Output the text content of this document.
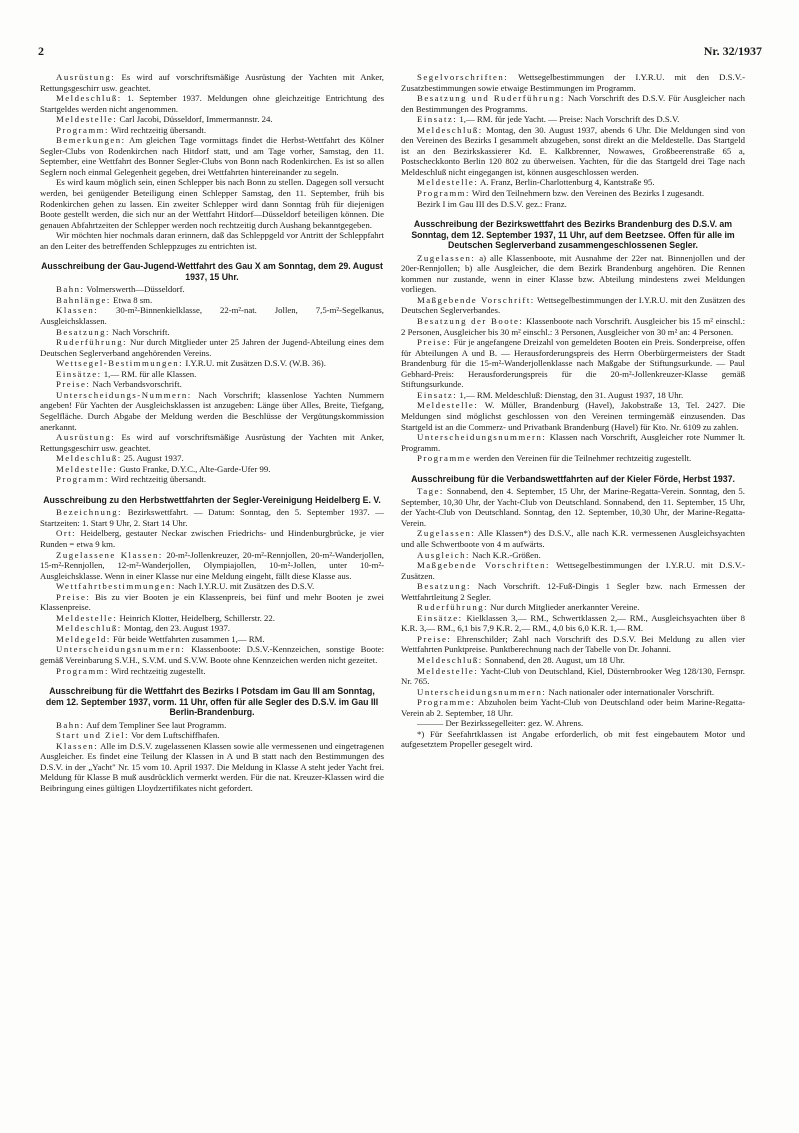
2	Nr. 32/1937

Ausrüstung: Es wird auf vorschriftsmäßige Ausrüstung der Yachten mit Anker, Rettungsgeschirr usw. geachtet.

Meldeschluß: 1. September 1937. Meldungen ohne gleichzeitige Entrichtung des Startgeldes werden nicht angenommen.

Meldestelle: Carl Jacobi, Düsseldorf, Immermannstr. 24.

Programm: Wird rechtzeitig übersandt.

Bemerkungen: Am gleichen Tage vormittags findet die Herbst-Wettfahrt des Kölner Segler-Clubs von Rodenkirchen nach Hitdorf statt, und am Tage vorher, Samstag, den 11. September, eine Wettfahrt des Bonner Segler-Clubs von Bonn nach Rodenkirchen. Es ist so allen Seglern noch einmal Gelegenheit gegeben, drei Wettfahrten hintereinander zu segeln.

Es wird kaum möglich sein, einen Schlepper bis nach Bonn zu stellen. Dagegen soll versucht werden, bei genügender Beteiligung einen Schlepper Samstag, den 11. September, früh bis Rodenkirchen gehen zu lassen. Ein zweiter Schlepper wird dann Sonntag früh für diejenigen Boote gestellt werden, die sich nur an der Wettfahrt Hitdorf—Düsseldorf beteiligen können. Die genauen Abfahrtzeiten der Schlepper werden noch rechtzeitig durch Aushang bekanntgegeben.

Wir möchten hier nochmals daran erinnern, daß das Schleppgeld vor Antritt der Schleppfahrt an den Leiter des betreffenden Schleppzuges zu entrichten ist.

Ausschreibung der Gau-Jugend-Wettfahrt des Gau X am Sonntag, dem 29. August 1937, 15 Uhr.

Bahn: Volmerswerth—Düsseldorf.

Bahnlänge: Etwa 8 sm.

Klassen: 30-m²-Binnenkielklasse, 22-m²-nat. Jollen, 7,5-m²-Segelkanus, Ausgleichsklassen.

Besatzung: Nach Vorschrift.

Ruderführung: Nur durch Mitglieder unter 25 Jahren der Jugend-Abteilung eines dem Deutschen Seglerverband angehörenden Vereins.

Wettsegel-Bestimmungen: I.Y.R.U. mit Zusätzen D.S.V. (W.B. 36).

Einsätze: 1,— RM. für alle Klassen.

Preise: Nach Verbandsvorschrift.

Unterscheidungs-Nummern: Nach Vorschrift; klassenlose Yachten Nummern angeben! Für Yachten der Ausgleichsklassen ist anzugeben: Länge über Alles, Breite, Tiefgang, Segelfläche. Durch Abgabe der Meldung werden die Beschlüsse der Vergütungskommission anerkannt.

Ausrüstung: Es wird auf vorschriftsmäßige Ausrüstung der Yachten mit Anker, Rettungsgeschirr usw. geachtet.

Meldeschluß: 25. August 1937.

Meldestelle: Gusto Franke, D.Y.C., Alte-Garde-Ufer 99.

Programm: Wird rechtzeitig übersandt.

Ausschreibung zu den Herbstwettfahrten der Segler-Vereinigung Heidelberg E. V.

Bezeichnung: Bezirkswettfahrt. — Datum: Sonntag, den 5. September 1937. — Startzeiten: 1. Start 9 Uhr, 2. Start 14 Uhr.

Ort: Heidelberg, gestauter Neckar zwischen Friedrichs- und Hindenburgbrücke, je vier Runden = etwa 9 km.

Zugelassene Klassen: 20-m²-Jollenkreuzer, 20-m²-Rennjollen, 20-m²-Wanderjollen, 15-m²-Rennjollen, 12-m²-Wanderjollen, Olympiajollen, 10-m²-Jollen, unter 10-m²-Ausgleichsklasse. Wenn in einer Klasse nur eine Meldung eingeht, fällt diese Klasse aus.

Wettfahrtbestimmungen: Nach I.Y.R.U. mit Zusätzen des D.S.V.

Preise: Bis zu vier Booten je ein Klassenpreis, bei fünf und mehr Booten je zwei Klassenpreise.

Meldestelle: Heinrich Klotter, Heidelberg, Schillerstr. 22.

Meldeschluß: Montag, den 23. August 1937.

Meldegeld: Für beide Wettfahrten zusammen 1,— RM.

Unterscheidungsnummern: Klassenboote: D.S.V.-Kennzeichen, sonstige Boote: gemäß Vereinbarung S.V.H., S.V.M. und S.V.W. Boote ohne Kennzeichen werden nicht gezeitet.

Programm: Wird rechtzeitig zugestellt.

Ausschreibung für die Wettfahrt des Bezirks I Potsdam im Gau III am Sonntag, dem 12. September 1937, vorm. 11 Uhr, offen für alle Segler des D.S.V. im Gau III Berlin-Brandenburg.

Bahn: Auf dem Templiner See laut Programm.

Start und Ziel: Vor dem Luftschiffhafen.

Klassen: Alle im D.S.V. zugelassenen Klassen sowie alle vermessenen und eingetragenen Ausgleicher. Es findet eine Teilung der Klassen in A und B statt nach den Bestimmungen des D.S.V. in der „Yacht" Nr. 15 vom 10. April 1937. Die Meldung in Klasse A steht jeder Yacht frei. Meldung für Klasse B muß ausdrücklich vermerkt werden. Für die nat. Kreuzer-Klassen wird die Beibringung eines gültigen Lloydzertifikates nicht gefordert.

Segelvorschriften: Wettsegelbestimmungen der I.Y.R.U. mit den D.S.V.-Zusatzbestimmungen sowie etwaige Bestimmungen im Programm.

Besatzung und Ruderführung: Nach Vorschrift des D.S.V. Für Ausgleicher nach den Bestimmungen des Programms.

Einsatz: 1,— RM. für jede Yacht. — Preise: Nach Vorschrift des D.S.V.

Meldeschluß: Montag, den 30. August 1937, abends 6 Uhr. Die Meldungen sind von den Vereinen des Bezirks I gesammelt abzugeben, sonst direkt an die Meldestelle. Das Startgeld ist an den Bezirkskassierer Kd. E. Kalkbrenner, Nowawes, Großbeerenstraße 65 a, Postscheckkonto Berlin 120 802 zu überweisen. Yachten, für die das Startgeld drei Tage nach Meldeschluß nicht eingegangen ist, können ausgeschlossen werden.

Meldestelle: A. Franz, Berlin-Charlottenburg 4, Kantstraße 95.

Programm: Wird den Teilnehmern bzw. den Vereinen des Bezirks I zugesandt.

Bezirk I im Gau III des D.S.V. gez.: Franz.

Ausschreibung der Bezirkswettfahrt des Bezirks Brandenburg des D.S.V. am Sonntag, dem 12. September 1937, 11 Uhr, auf dem Beetzsee. Offen für alle im Deutschen Seglerverband zusammengeschlossenen Segler.

Zugelassen: a) alle Klassenboote, mit Ausnahme der 22er nat. Binnenjollen und der 20er-Rennjollen; b) alle Ausgleicher, die dem Bezirk Brandenburg angehören. Die Rennen kommen nur zustande, wenn in einer Klasse bzw. Abteilung mindestens zwei Meldungen vorliegen.

Maßgebende Vorschrift: Wettsegelbestimmungen der I.Y.R.U. mit den Zusätzen des Deutschen Seglerverbandes.

Besatzung der Boote: Klassenboote nach Vorschrift. Ausgleicher bis 15 m² einschl.: 2 Personen, Ausgleicher bis 30 m² einschl.: 3 Personen, Ausgleicher von 30 m² an: 4 Personen.

Preise: Für je angefangene Dreizahl von gemeldeten Booten ein Preis. Sonderpreise, offen für Abteilungen A und B. — Herausforderungspreis des Herrn Oberbürgermeisters der Stadt Brandenburg für die 15-m²-Wanderjollenklasse nach Maßgabe der Stiftungsurkunde. — Paul Gebhard-Preis: Herausforderungspreis für die 20-m²-Jollenkreuzer-Klasse gemäß Stiftungsurkunde.

Einsatz: 1,— RM. Meldeschluß: Dienstag, den 31. August 1937, 18 Uhr.

Meldestelle: W. Müller, Brandenburg (Havel), Jakobstraße 13, Tel. 2427. Die Meldungen sind möglichst geschlossen von den Vereinen termingemäß einzusenden. Das Startgeld ist an die Commerz- und Privatbank Brandenburg (Havel) für Kto. Nr. 6109 zu zahlen.

Unterscheidungsnummern: Klassen nach Vorschrift, Ausgleicher rote Nummer lt. Programm.

Programme werden den Vereinen für die Teilnehmer rechtzeitig zugestellt.

Ausschreibung für die Verbandswettfahrten auf der Kieler Förde, Herbst 1937.

Tage: Sonnabend, den 4. September, 15 Uhr, der Marine-Regatta-Verein. Sonntag, den 5. September, 10,30 Uhr, der Yacht-Club von Deutschland. Sonnabend, den 11. September, 15 Uhr, der Yacht-Club von Deutschland. Sonntag, den 12. September, 10,30 Uhr, der Marine-Regatta-Verein.

Zugelassen: Alle Klassen*) des D.S.V., alle nach K.R. vermessenen Ausgleichsyachten und alle Schwertboote von 4 m aufwärts.

Ausgleich: Nach K.R.-Größen.

Maßgebende Vorschriften: Wettsegelbestimmungen der I.Y.R.U. mit D.S.V.-Zusätzen.

Besatzung: Nach Vorschrift. 12-Fuß-Dingis 1 Segler bzw. nach Ermessen der Wettfahrtleitung 2 Segler.

Ruderführung: Nur durch Mitglieder anerkannter Vereine.

Einsätze: Kielklassen 3,— RM., Schwertklassen 2,— RM., Ausgleichsyachten über 8 K.R. 3,— RM., 6,1 bis 7,9 K.R. 2,— RM., 4,0 bis 6,0 K.R. 1,— RM.

Preise: Ehrenschilder; Zahl nach Vorschrift des D.S.V. Bei Meldung zu allen vier Wettfahrten Punktpreise. Punktberechnung nach der Tabelle von Dr. Johanni.

Meldeschluß: Sonnabend, den 28. August, um 18 Uhr.

Meldestelle: Yacht-Club von Deutschland, Kiel, Düsternbrooker Weg 128/130, Fernspr. Nr. 765.

Unterscheidungsnummern: Nach nationaler oder internationaler Vorschrift.

Programme: Abzuholen beim Yacht-Club von Deutschland oder beim Marine-Regatta-Verein ab 2. September, 18 Uhr.

——— Der Bezirkssegelleiter: gez. W. Ahrens.

*) Für Seefahrtklassen ist Angabe erforderlich, ob mit fest eingebautem Motor und aufgesetztem Propeller gesegelt wird.
